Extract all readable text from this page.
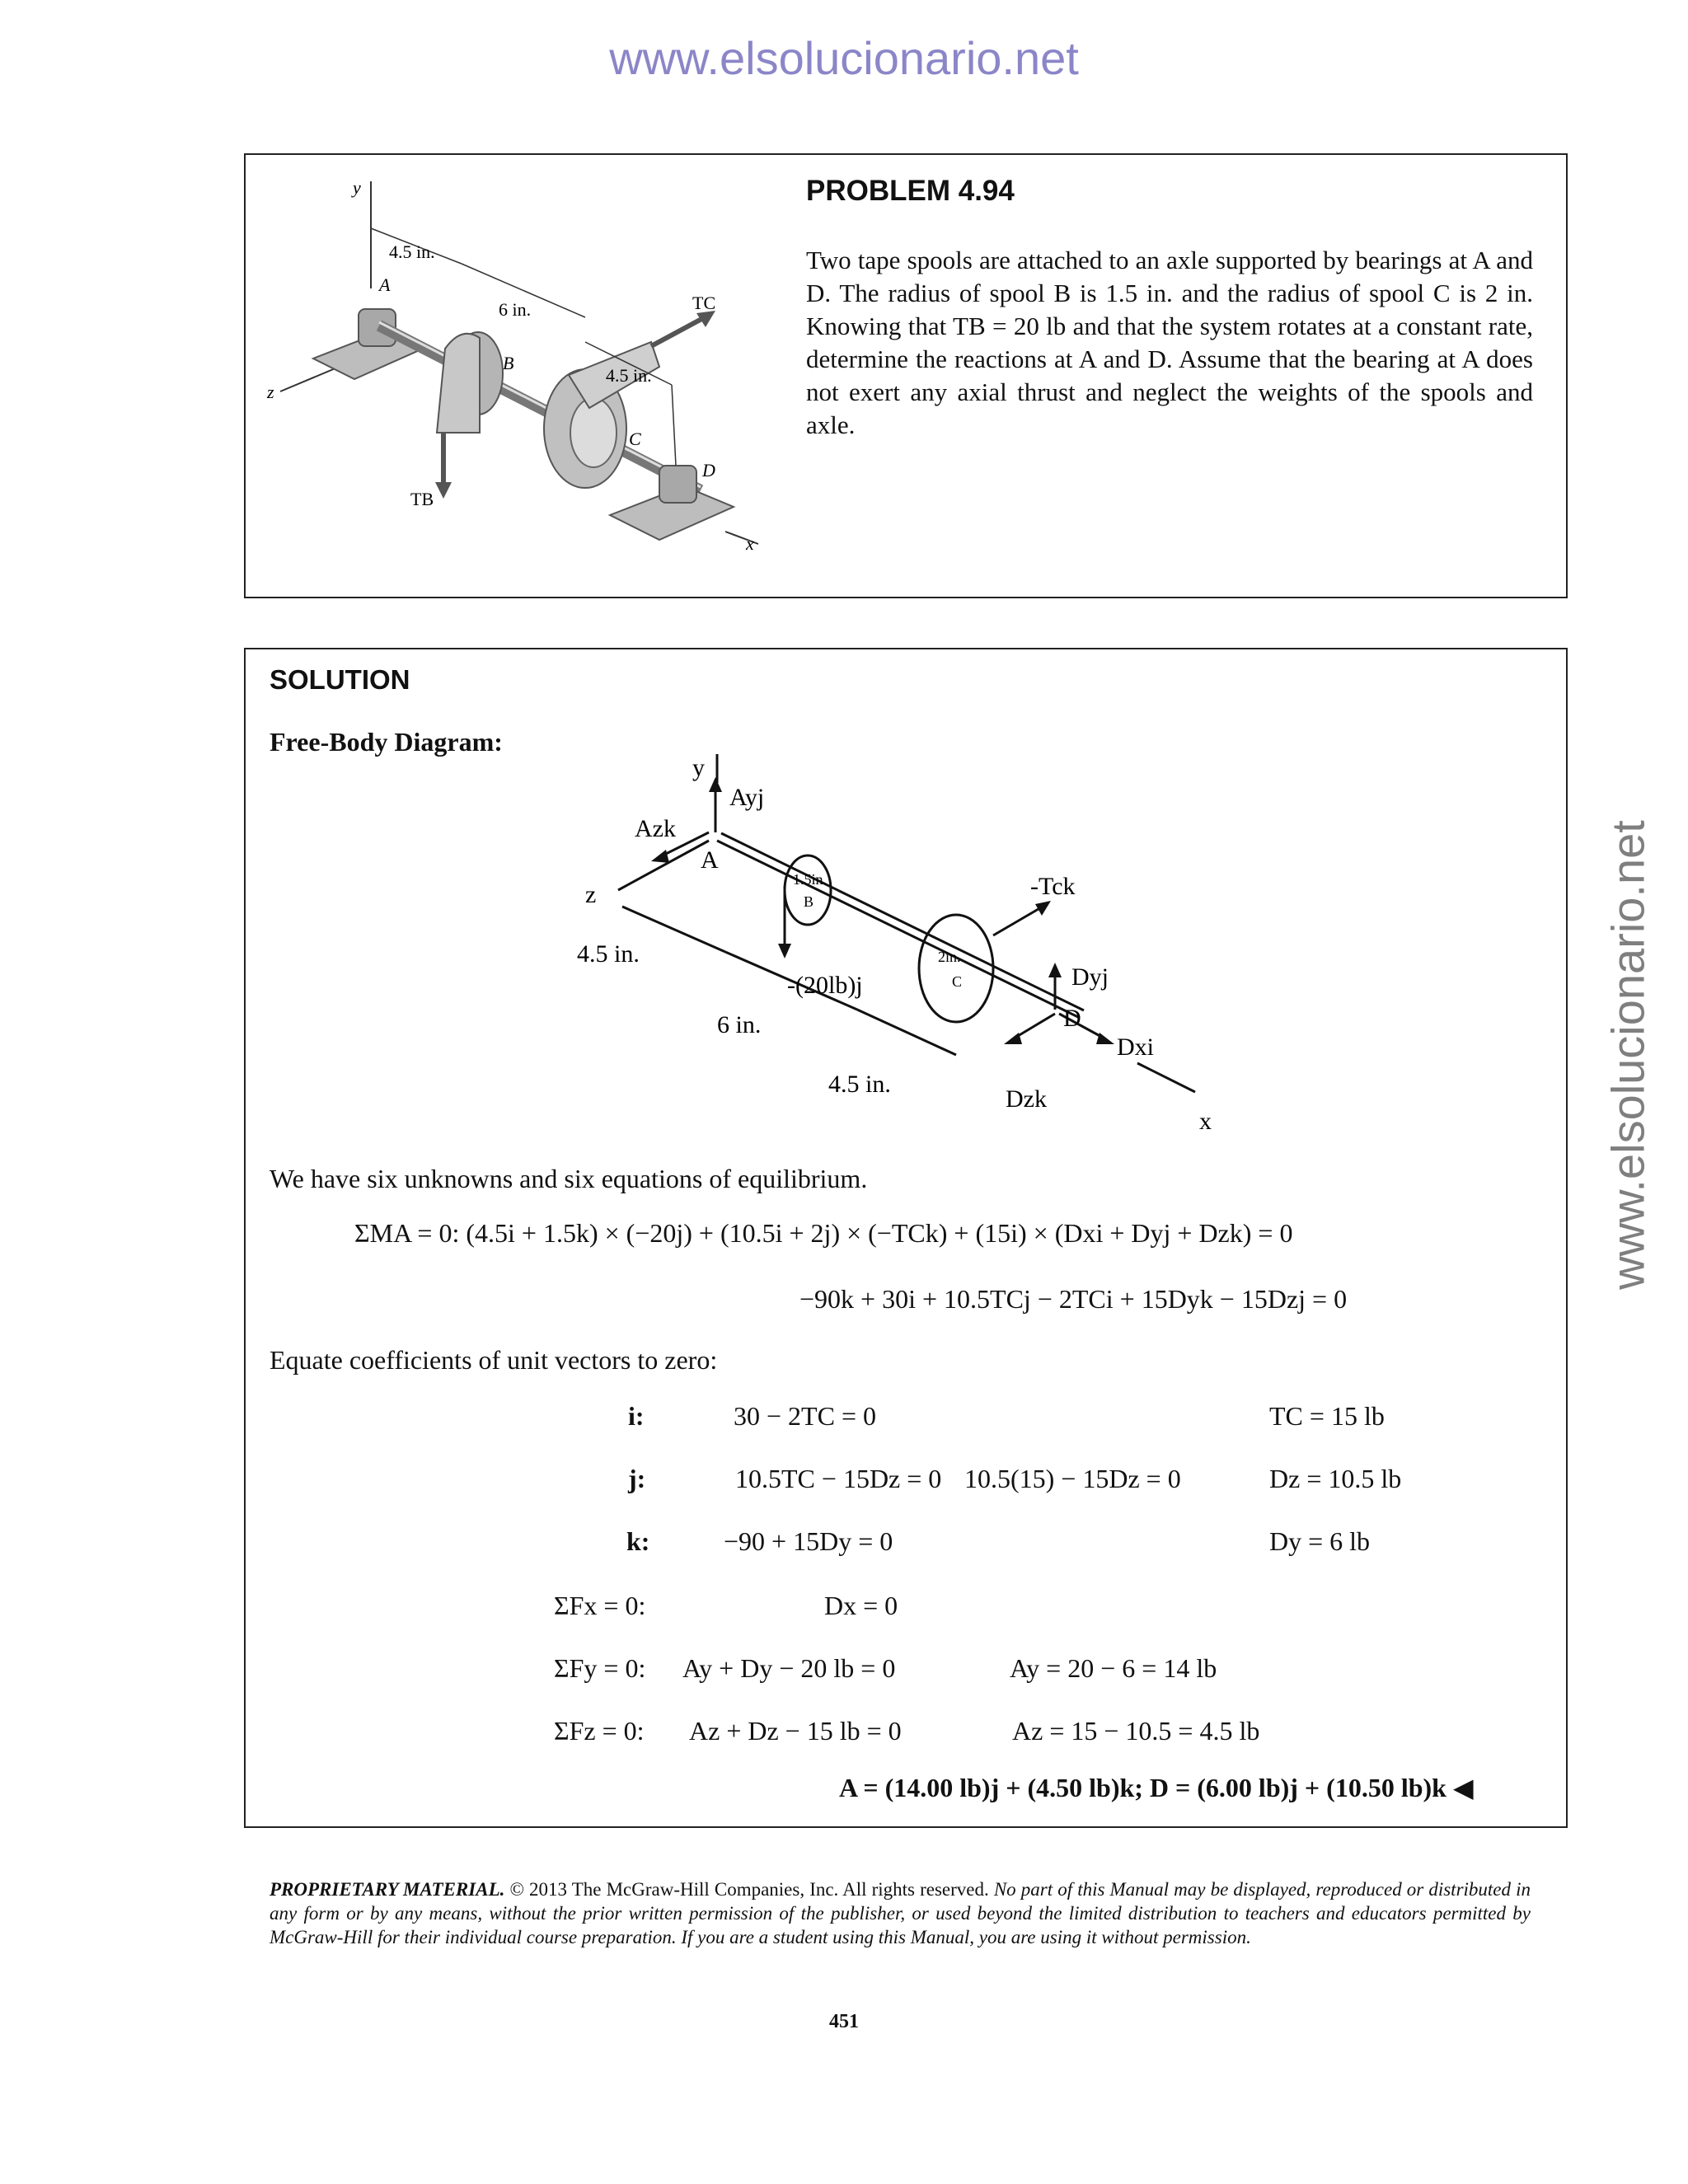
www.elsolucionario.net
www.elsolucionario.net
y
z
x
A
B
C
D
TC
TB
4.5 in.
6 in.
4.5 in.
PROBLEM 4.94
Two tape spools are attached to an axle supported by bearings at A and D. The radius of spool B is 1.5 in. and the radius of spool C is 2 in. Knowing that TB = 20 lb and that the system rotates at a constant rate, determine the reactions at A and D. Assume that the bearing at A does not exert any axial thrust and neglect the weights of the spools and axle.
SOLUTION
Free-Body Diagram:
y
Ayj
Azk
A
z
4.5 in.
6 in.
4.5 in.
-(20lb)j
-Tck
Dyj
D
Dxi
Dzk
x
1.5in.
B
2in.
C
We have six unknowns and six equations of equilibrium.
ΣMA = 0: (4.5i + 1.5k) × (−20j) + (10.5i + 2j) × (−TCk) + (15i) × (Dxi + Dyj + Dzk) = 0
−90k + 30i + 10.5TCj − 2TCi + 15Dyk − 15Dzj = 0
Equate coefficients of unit vectors to zero:
i:	30 − 2TC = 0	TC = 15 lb
j:	10.5TC − 15Dz = 0 10.5(15) − 15Dz = 0	Dz = 10.5 lb
k:	−90 + 15Dy = 0	Dy = 6 lb
ΣFx = 0:	Dx = 0
ΣFy = 0: Ay + Dy − 20 lb = 0	Ay = 20 − 6 = 14 lb
ΣFz = 0: Az + Dz − 15 lb = 0	Az = 15 − 10.5 = 4.5 lb
A = (14.00 lb)j + (4.50 lb)k; D = (6.00 lb)j + (10.50 lb)k ◀
PROPRIETARY MATERIAL. © 2013 The McGraw-Hill Companies, Inc. All rights reserved. No part of this Manual may be displayed, reproduced or distributed in any form or by any means, without the prior written permission of the publisher, or used beyond the limited distribution to teachers and educators permitted by McGraw-Hill for their individual course preparation. If you are a student using this Manual, you are using it without permission.
451
